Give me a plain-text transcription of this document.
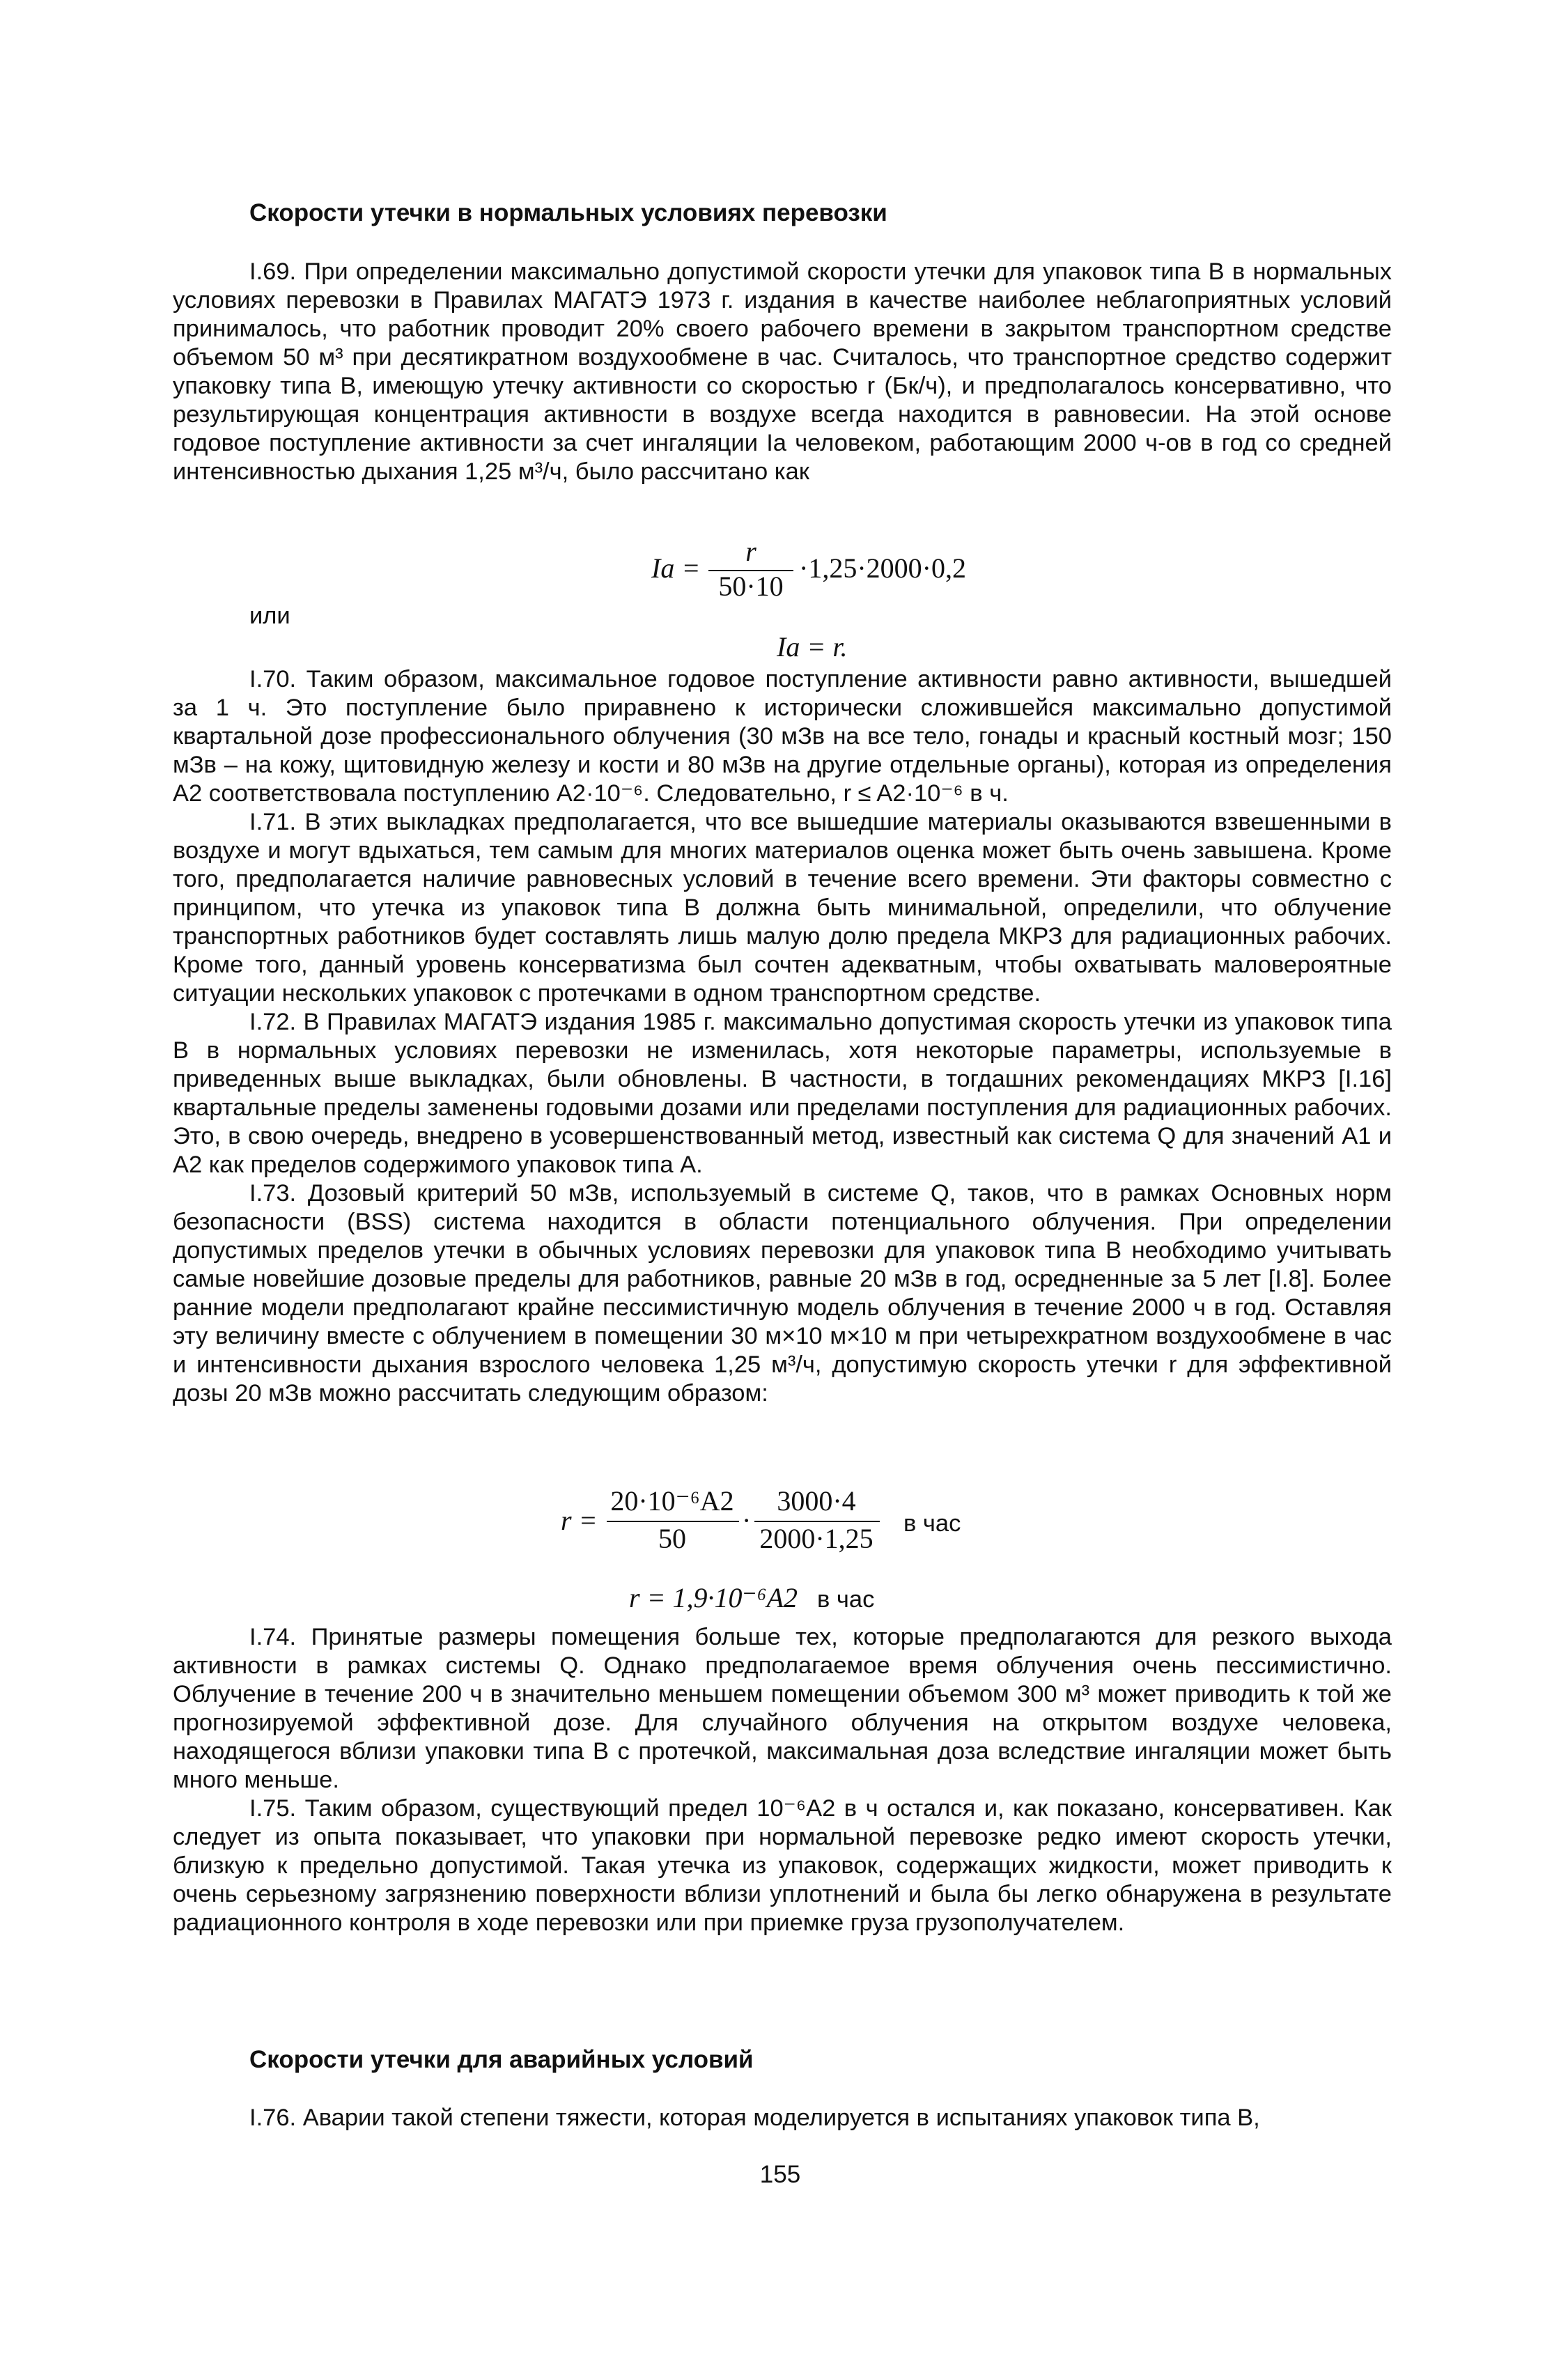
Скорости утечки в нормальных условиях перевозки

I.69. При определении максимально допустимой скорости утечки для упаковок типа В в нормальных условиях перевозки в Правилах МАГАТЭ 1973 г. издания в качестве наиболее неблагоприятных условий принималось, что работник проводит 20% своего рабочего времени в закрытом транспортном средстве объемом 50 м³ при десятикратном воздухообмене в час. Считалось, что транспортное средство содержит упаковку типа В, имеющую утечку активности со скоростью r (Бк/ч), и предполагалось консервативно, что результирующая концентрация активности в воздухе всегда находится в равновесии. На этой основе годовое поступление активности за счет ингаляции Ia человеком, работающим 2000 ч-ов в год со средней интенсивностью дыхания 1,25 м³/ч, было рассчитано как

Ia =
r
50·10
·1,25·2000·0,2
или
Ia = r.

I.70. Таким образом, максимальное годовое поступление активности равно активности, вышедшей за 1 ч. Это поступление было приравнено к исторически сложившейся максимально допустимой квартальной дозе профессионального облучения (30 мЗв на все тело, гонады и красный костный мозг; 150 мЗв – на кожу, щитовидную железу и кости и 80 мЗв на другие отдельные органы), которая из определения A2 соответствовала поступлению A2·10⁻⁶. Следовательно, r ≤ A2·10⁻⁶ в ч.

I.71. В этих выкладках предполагается, что все вышедшие материалы оказываются взвешенными в воздухе и могут вдыхаться, тем самым для многих материалов оценка может быть очень завышена. Кроме того, предполагается наличие равновесных условий в течение всего времени. Эти факторы совместно с принципом, что утечка из упаковок типа В должна быть минимальной, определили, что облучение транспортных работников будет составлять лишь малую долю предела МКРЗ для радиационных рабочих. Кроме того, данный уровень консерватизма был сочтен адекватным, чтобы охватывать маловероятные ситуации нескольких упаковок с протечками в одном транспортном средстве.

I.72. В Правилах МАГАТЭ издания 1985 г. максимально допустимая скорость утечки из упаковок типа В в нормальных условиях перевозки не изменилась, хотя некоторые параметры, используемые в приведенных выше выкладках, были обновлены. В частности, в тогдашних рекомендациях МКРЗ [I.16] квартальные пределы заменены годовыми дозами или пределами поступления для радиационных рабочих. Это, в свою очередь, внедрено в усовершенствованный метод, известный как система Q для значений A1 и A2 как пределов содержимого упаковок типа А.

I.73. Дозовый критерий 50 мЗв, используемый в системе Q, таков, что в рамках Основных норм безопасности (BSS) система находится в области потенциального облучения. При определении допустимых пределов утечки в обычных условиях перевозки для упаковок типа В необходимо учитывать самые новейшие дозовые пределы для работников, равные 20 мЗв в год, осредненные за 5 лет [I.8]. Более ранние модели предполагают крайне пессимистичную модель облучения в течение 2000 ч в год. Оставляя эту величину вместе с облучением в помещении 30 м×10 м×10 м при четырехкратном воздухообмене в час и интенсивности дыхания взрослого человека 1,25 м³/ч, допустимую скорость утечки r для эффективной дозы 20 мЗв можно рассчитать следующим образом:

r =
20·10⁻⁶A2
50
·
3000·4
2000·1,25	в час
r = 1,9·10⁻⁶A2 в час

I.74. Принятые размеры помещения больше тех, которые предполагаются для резкого выхода активности в рамках системы Q. Однако предполагаемое время облучения очень пессимистично. Облучение в течение 200 ч в значительно меньшем помещении объемом 300 м³ может приводить к той же прогнозируемой эффективной дозе. Для случайного облучения на открытом воздухе человека, находящегося вблизи упаковки типа В с протечкой, максимальная доза вследствие ингаляции может быть много меньше.

I.75. Таким образом, существующий предел 10⁻⁶A2 в ч остался и, как показано, консервативен. Как следует из опыта показывает, что упаковки при нормальной перевозке редко имеют скорость утечки, близкую к предельно допустимой. Такая утечка из упаковок, содержащих жидкости, может приводить к очень серьезному загрязнению поверхности вблизи уплотнений и была бы легко обнаружена в результате радиационного контроля в ходе перевозки или при приемке груза грузополучателем.

Скорости утечки для аварийных условий

I.76. Аварии такой степени тяжести, которая моделируется в испытаниях упаковок типа В,

155
